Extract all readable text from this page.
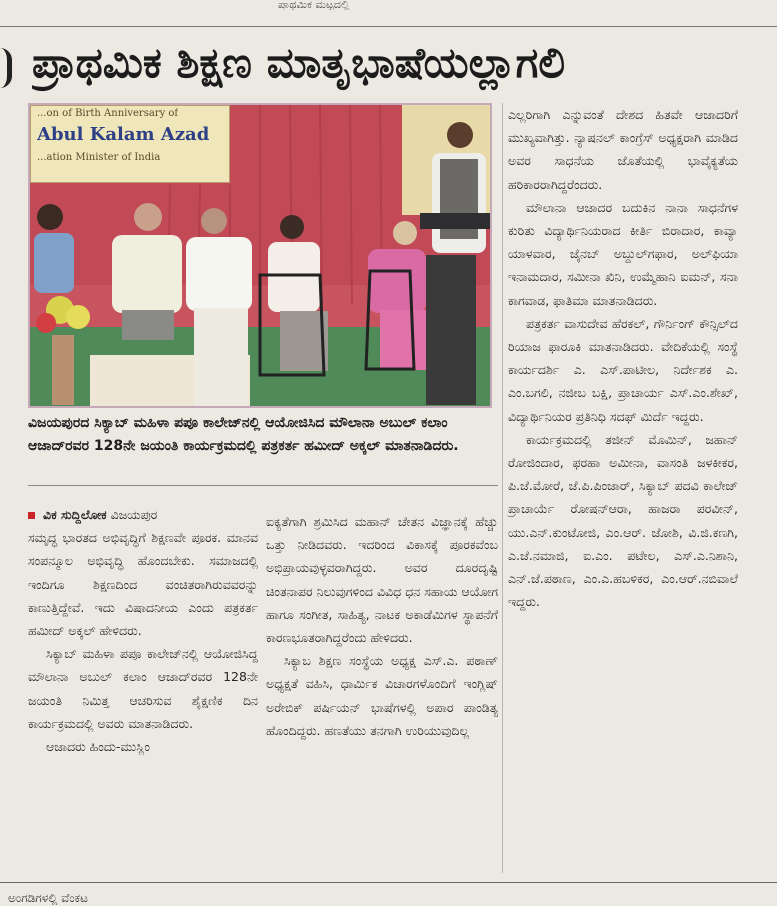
ಪ್ರಾಥಮಿಕ ಮಟ್ಟದಲ್ಲಿ
ಪ್ರಾಥಮಿಕ ಶಿಕ್ಷಣ ಮಾತೃಭಾಷೆಯಲ್ಲಾಗಲಿ
...on of Birth Anniversary of
Abul Kalam Azad
...ation Minister of India
ವಿಜಯಪುರದ ಸಿಕ್ಯಾಬ್ ಮಹಿಳಾ ಪಪೂ ಕಾಲೇಜ್‌ನಲ್ಲಿ ಆಯೋಜಿಸಿದ ಮೌಲಾನಾ ಅಬುಲ್ ಕಲಾಂ ಆಜಾದ್‌ರವರ 128ನೇ ಜಯಂತಿ ಕಾರ್ಯಕ್ರಮದಲ್ಲಿ ಪತ್ರಕರ್ತ ಹಮೀದ್ ಅಕ್ಕಲ್ ಮಾತನಾಡಿದರು.

ವಿಕ ಸುದ್ದಿಲೋಕ ವಿಜಯಪುರ

ಸಮೃದ್ಧ ಭಾರತದ ಅಭಿವೃದ್ಧಿಗೆ ಶಿಕ್ಷಣವೇ ಪೂರಕ. ಮಾನವ ಸಂಪನ್ಮೂಲ ಅಭಿವೃದ್ಧಿ ಹೊಂದಬೇಕು. ಸಮಾಜದಲ್ಲಿ ಇಂದಿಗೂ ಶಿಕ್ಷಣದಿಂದ ವಂಚಿತರಾಗಿರುವವರನ್ನು ಕಾಣುತ್ತಿದ್ದೇವೆ. ಇದು ವಿಷಾದನೀಯ ಎಂದು ಪತ್ರಕರ್ತ ಹಮೀದ್ ಅಕ್ಕಲ್ ಹೇಳಿದರು.

ಸಿಕ್ಯಾಬ್ ಮಹಿಳಾ ಪಪೂ ಕಾಲೇಜ್‌ನಲ್ಲಿ ಆಯೋಜಿಸಿದ್ದ ಮೌಲಾನಾ ಅಬುಲ್ ಕಲಾಂ ಆಜಾದ್‌ರವರ 128ನೇ ಜಯಂತಿ ನಿಮಿತ್ತ ಆಚರಿಸುವ ಶೈಕ್ಷಣಿಕ ದಿನ ಕಾರ್ಯಕ್ರಮದಲ್ಲಿ ಅವರು ಮಾತನಾಡಿದರು.

ಆಜಾದರು ಹಿಂದು-ಮುಸ್ಲಿಂ

ಐಕ್ಯತೆಗಾಗಿ ಶ್ರಮಿಸಿದ ಮಹಾನ್ ಚೇತನ ವಿಜ್ಞಾನಕ್ಕೆ ಹೆಚ್ಚು ಒತ್ತು ನೀಡಿದವರು. ಇದರಿಂದ ವಿಕಾಸಕ್ಕೆ ಪೂರಕವೆಂಬ ಅಭಿಪ್ರಾಯವುಳ್ಳವರಾಗಿದ್ದರು. ಅವರ ದೂರದೃಷ್ಟಿ ಚಿಂತನಾಪರ ನಿಲುವುಗಳಿಂದ ವಿವಿಧ ಧನ ಸಹಾಯ ಆಯೋಗ ಹಾಗೂ ಸಂಗೀತ, ಸಾಹಿತ್ಯ, ನಾಟಕ ಅಕಾಡೆಮಿಗಳ ಸ್ಥಾಪನೆಗೆ ಕಾರಣಭೂತರಾಗಿದ್ದರೆಂದು ಹೇಳಿದರು.

ಸಿಕ್ಯಾಬ ಶಿಕ್ಷಣ ಸಂಸ್ಥೆಯ ಅಧ್ಯಕ್ಷ ಎಸ್.ಎ. ಪಠಾಣ್ ಅಧ್ಯಕ್ಷತೆ ವಹಿಸಿ, ಧಾರ್ಮಿಕ ವಿಚಾರಗಳೊಂದಿಗೆ ಇಂಗ್ಲಿಷ್ ಅರೇಬಿಕ್ ಪರ್ಷಿಯನ್ ಭಾಷೆಗಳಲ್ಲಿ ಅಪಾರ ಪಾಂಡಿತ್ಯ ಹೊಂದಿದ್ದರು. ಹಣತೆಯು ತನಗಾಗಿ ಉರಿಯುವುದಿಲ್ಲ

ಎಲ್ಲರಿಗಾಗಿ ಎನ್ನುವಂತೆ ದೇಶದ ಹಿತವೇ ಆಜಾದರಿಗೆ ಮುಖ್ಯವಾಗಿತ್ತು. ನ್ಯಾಷನಲ್ ಕಾಂಗ್ರೆಸ್ ಅಧ್ಯಕ್ಷರಾಗಿ ಮಾಡಿದ ಅವರ ಸಾಧನೆಯ ಜೊತೆಯಲ್ಲಿ ಭಾವೈಕ್ಯತೆಯ ಹರಿಕಾರರಾಗಿದ್ದರೆಂದರು.

ಮೌಲಾನಾ ಆಜಾದರ ಬದುಕಿನ ನಾನಾ ಸಾಧನೆಗಳ ಕುರಿತು ವಿದ್ಯಾರ್ಥಿನಿಯರಾದ ಕೀರ್ತಿ ಬಿರಾದಾರ, ಕಾವ್ಯಾ ಯಾಳವಾರ, ಜೈನಬ್ ಅಬ್ದುಲ್‌ಗಫಾರ, ಅಲ್‌ಫಿಯಾ ಇನಾಮದಾರ, ಸಮೀನಾ ಖಿನಿ, ಉಮ್ಮೆಹಾನಿ ಐಮನ್, ಸನಾ ಕಾಗವಾಡ, ಫಾತಿಮಾ ಮಾತನಾಡಿದರು.

ಪತ್ರಕರ್ತ ವಾಸುದೇವ ಹೆರಕಲ್, ಗೌರ್ನಿಂಗ್ ಕೌನ್ಸಿಲ್‌ದ ರಿಯಾಜ ಫಾರೂಕಿ ಮಾತನಾಡಿದರು. ವೇದಿಕೆಯಲ್ಲಿ ಸಂಸ್ಥೆ ಕಾರ್ಯದರ್ಶಿ ಎ. ಎಸ್.ಪಾಟೀಲ, ನಿರ್ದೇಶಕ ಎ. ಎಂ.ಬಗಲಿ, ನಜೀಬ ಬಕ್ಷಿ, ಪ್ರಾಚಾರ್ಯ ಎಸ್.ಎಂ.ಶೇಖ್, ವಿದ್ಯಾರ್ಥಿನಿಯರ ಪ್ರತಿನಿಧಿ ಸದಫ್ ಮಿರ್ದೆ ಇದ್ದರು.

ಕಾರ್ಯಕ್ರಮದಲ್ಲಿ ತಜೀನ್ ಮೊಮಿನ್, ಜಹಾನ್ ರೋಜಿಂದಾರ, ಫರಹಾ ಅಮೀನಾ, ವಾಸಂತಿ ಜಳಕೀಕರ, ಪಿ.ಜೆ.ಮೋರೆ, ಜೆ.ಪಿ.ಪಿಂಜಾರ್, ಸಿಕ್ಯಾಬ್ ಪದವಿ ಕಾಲೇಜ್ ಪ್ರಾಚಾರ್ಯೆ ರೋಷನ್‌ಆರಾ, ಹಾಜರಾ ಪರವೀನ್, ಯು.ಎನ್.ಕುಂಟೋಜಿ, ಎಂ.ಆರ್. ಜೋಶಿ, ವಿ.ಜಿ.ಕಣಗಿ, ಎ.ಜೆ.ನಮಾಜಿ, ಐ.ಎಂ. ಪಟೇಲ, ಎಸ್.ಎ.ನಿಶಾನಿ, ಎನ್.ಜೆ.ಪಠಾಣ, ಎಂ.ಎ.ಹಬಳಿಕರ, ಎಂ.ಆರ್.ನಬಿವಾಲೆ ಇದ್ದರು.

ಅಂಗಡಿಗಳಲ್ಲಿ ವೆಂಕಟ
